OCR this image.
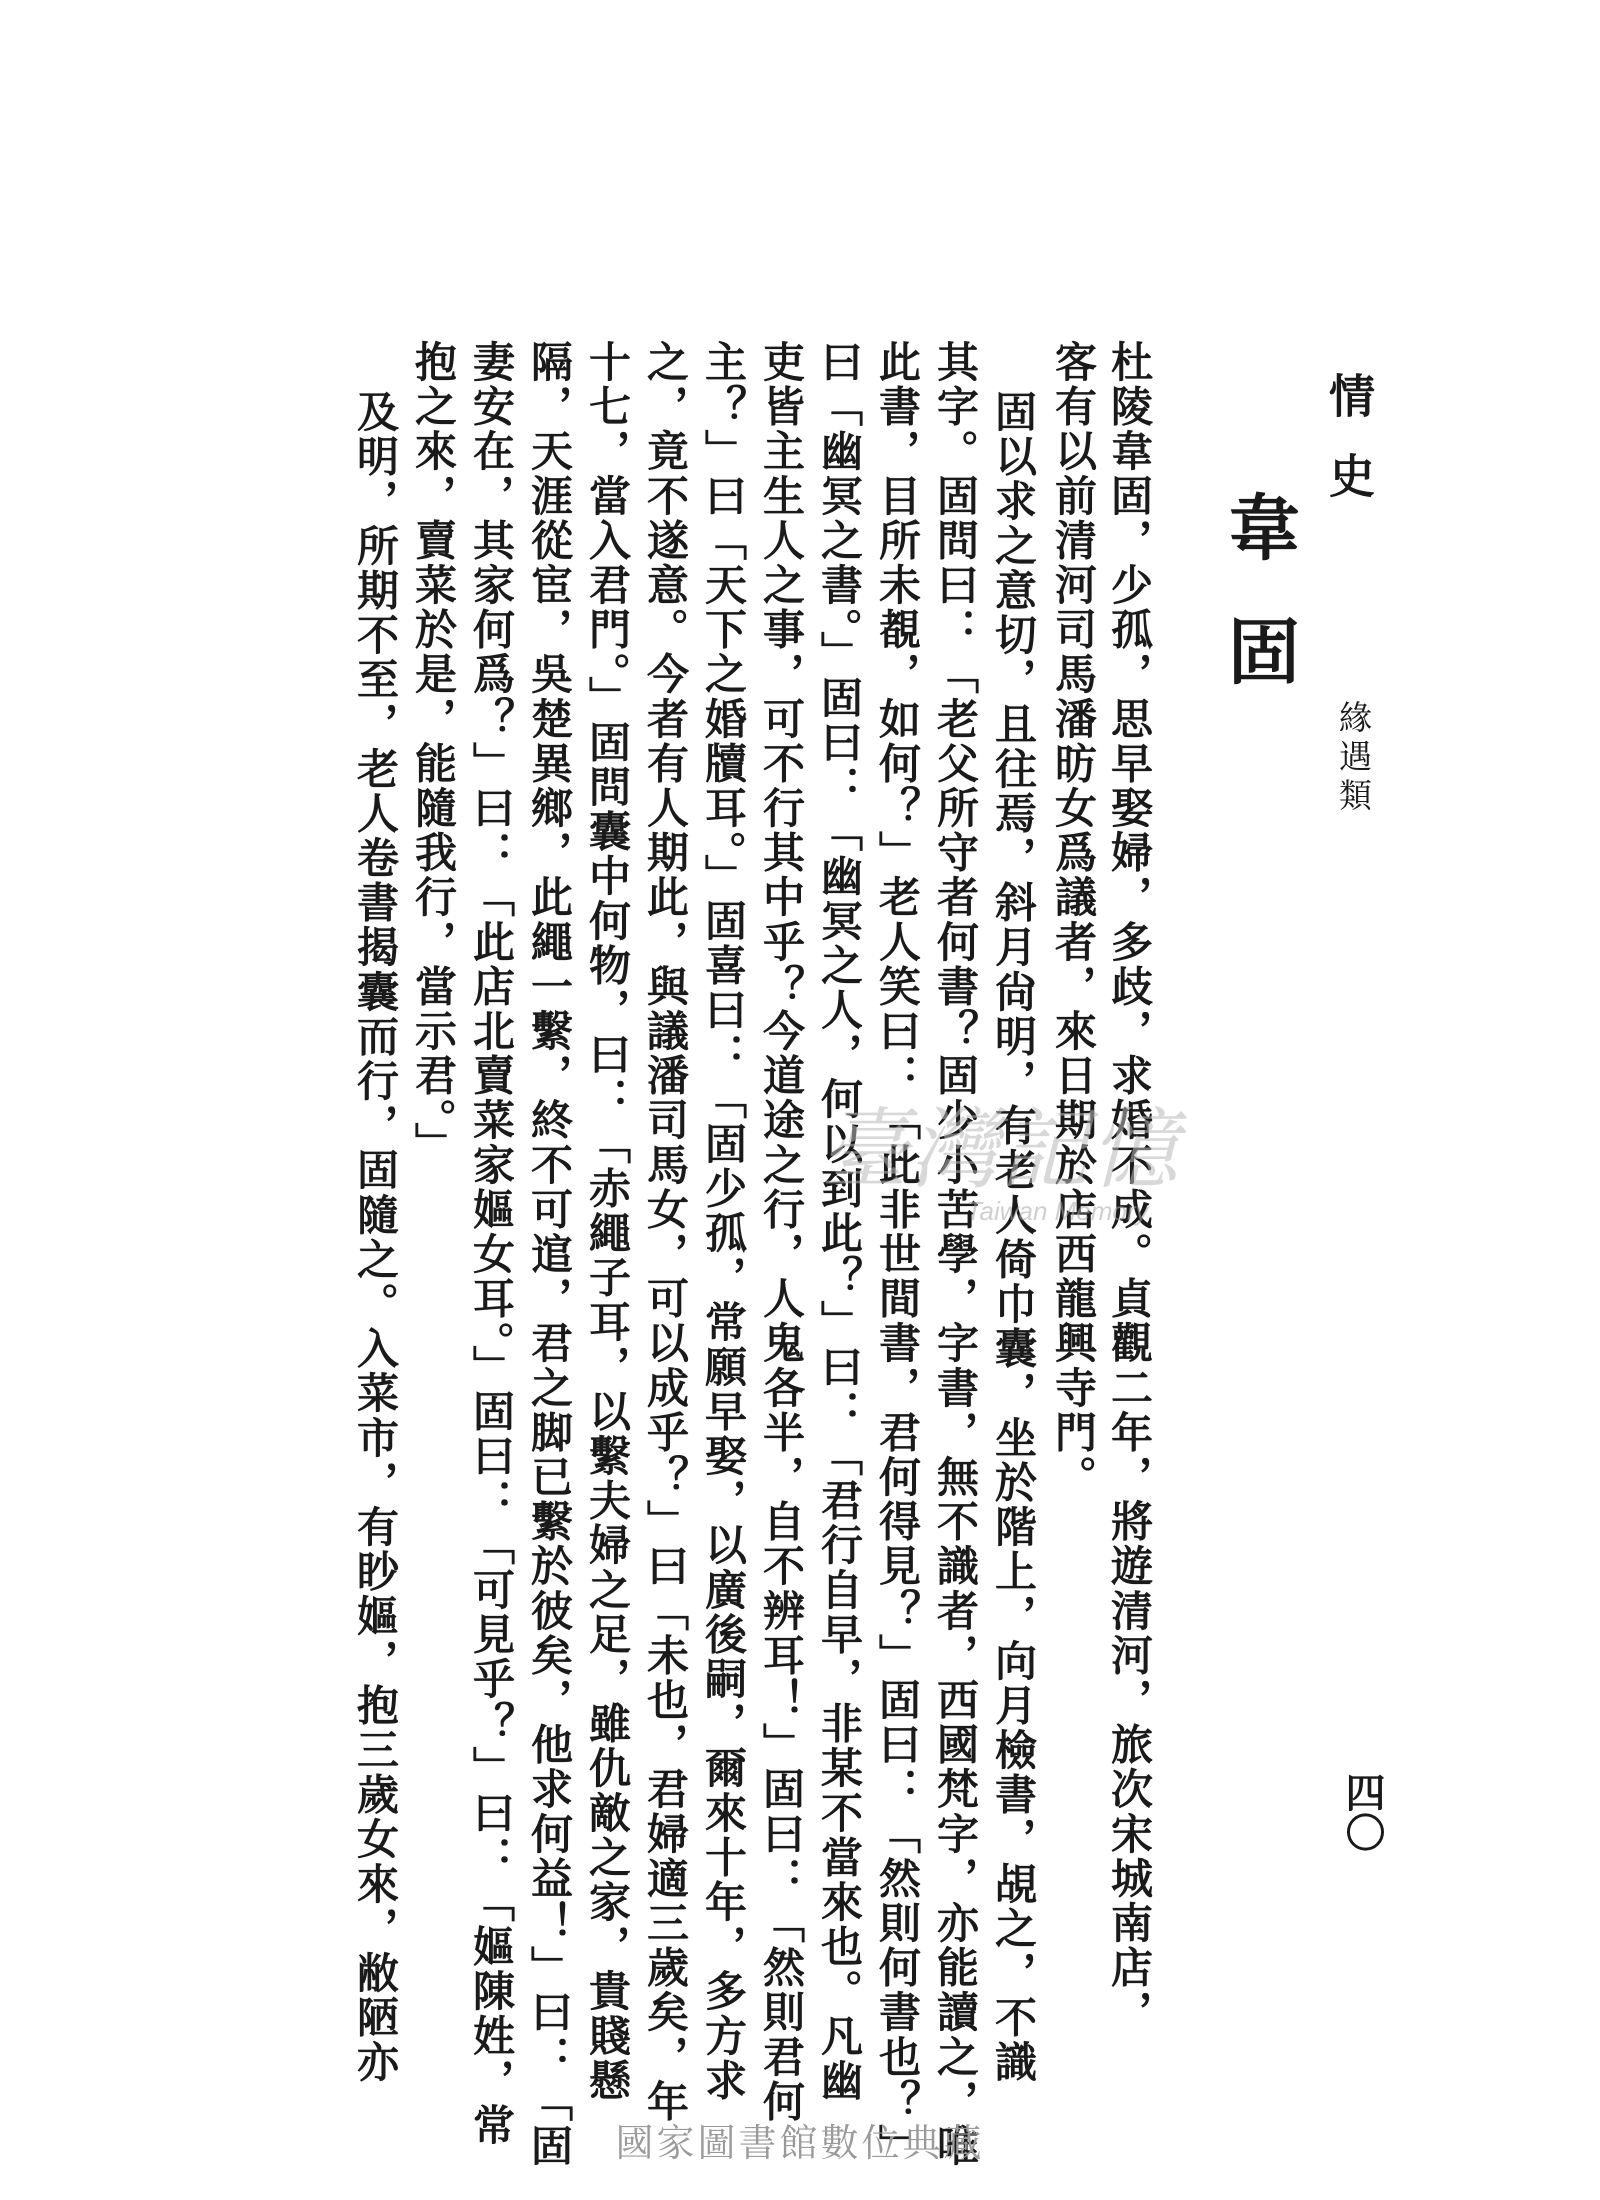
情史
緣遇類
四〇
韋固
杜陵韋固，少孤，思早娶婦，多歧，求婚不成。貞觀二年，將遊清河，旅次宋城南店，
客有以前清河司馬潘昉女爲議者，來日期於店西龍興寺門。
固以求之意切，且往焉，斜月尙明，有老人倚巾囊，坐於階上，向月檢書，覘之，不識
其字。固問曰：「老父所守者何書？固少小苦學，字書，無不識者，西國梵字，亦能讀之，唯
此書，目所未覩，如何？」老人笑曰：「此非世間書，君何得見？」固曰：「然則何書也？」
曰「幽冥之書。」固曰：「幽冥之人，何以到此？」曰：「君行自早，非某不當來也。凡幽
吏皆主生人之事，可不行其中乎？今道途之行，人鬼各半，自不辨耳！」固曰：「然則君何
主？」曰「天下之婚牘耳。」固喜曰：「固少孤，常願早娶，以廣後嗣，爾來十年，多方求
之，竟不遂意。今者有人期此，與議潘司馬女，可以成乎？」曰「未也，君婦適三歲矣，年
十七，當入君門。」固問囊中何物，曰：「赤繩子耳，以繫夫婦之足，雖仇敵之家，貴賤懸
隔，天涯從宦，吳楚異鄉，此繩一繫，終不可逭，君之脚已繫於彼矣，他求何益！」曰：「固
妻安在，其家何爲？」曰：「此店北賣菜家嫗女耳。」固曰：「可見乎？」曰：「嫗陳姓，常
抱之來，賣菜於是，能隨我行，當示君。」
及明，所期不至，老人卷書揭囊而行，固隨之。入菜市，有眇嫗，抱三歲女來，敝陋亦	臺灣記憶
Taiwan Memory
國家圖書館數位典藏
